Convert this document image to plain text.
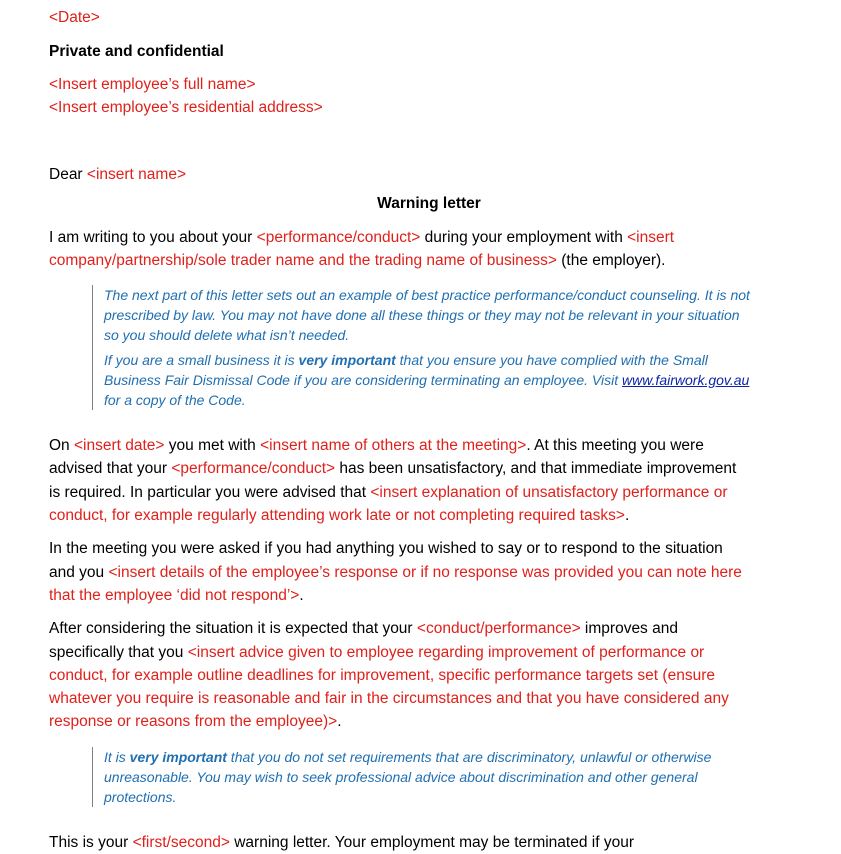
<Date>
Private and confidential
<Insert employee’s full name>
<Insert employee’s residential address>
Dear <insert name>
Warning letter
I am writing to you about your <performance/conduct> during your employment with <insert
company/partnership/sole trader name and the trading name of business> (the employer).
The next part of this letter sets out an example of best practice performance/conduct counseling. It is not
prescribed by law. You may not have done all these things or they may not be relevant in your situation
so you should delete what isn’t needed.
If you are a small business it is very important that you ensure you have complied with the Small
Business Fair Dismissal Code if you are considering terminating an employee. Visit www.fairwork.gov.au
for a copy of the Code.
On <insert date> you met with <insert name of others at the meeting>. At this meeting you were
advised that your <performance/conduct> has been unsatisfactory, and that immediate improvement
is required. In particular you were advised that <insert explanation of unsatisfactory performance or
conduct, for example regularly attending work late or not completing required tasks>.
In the meeting you were asked if you had anything you wished to say or to respond to the situation
and you <insert details of the employee’s response or if no response was provided you can note here
that the employee ‘did not respond’>.
After considering the situation it is expected that your <conduct/performance> improves and
specifically that you <insert advice given to employee regarding improvement of performance or
conduct, for example outline deadlines for improvement, specific performance targets set (ensure
whatever you require is reasonable and fair in the circumstances and that you have considered any
response or reasons from the employee)>.
It is very important that you do not set requirements that are discriminatory, unlawful or otherwise
unreasonable. You may wish to seek professional advice about discrimination and other general
protections.
This is your <first/second> warning letter. Your employment may be terminated if your
